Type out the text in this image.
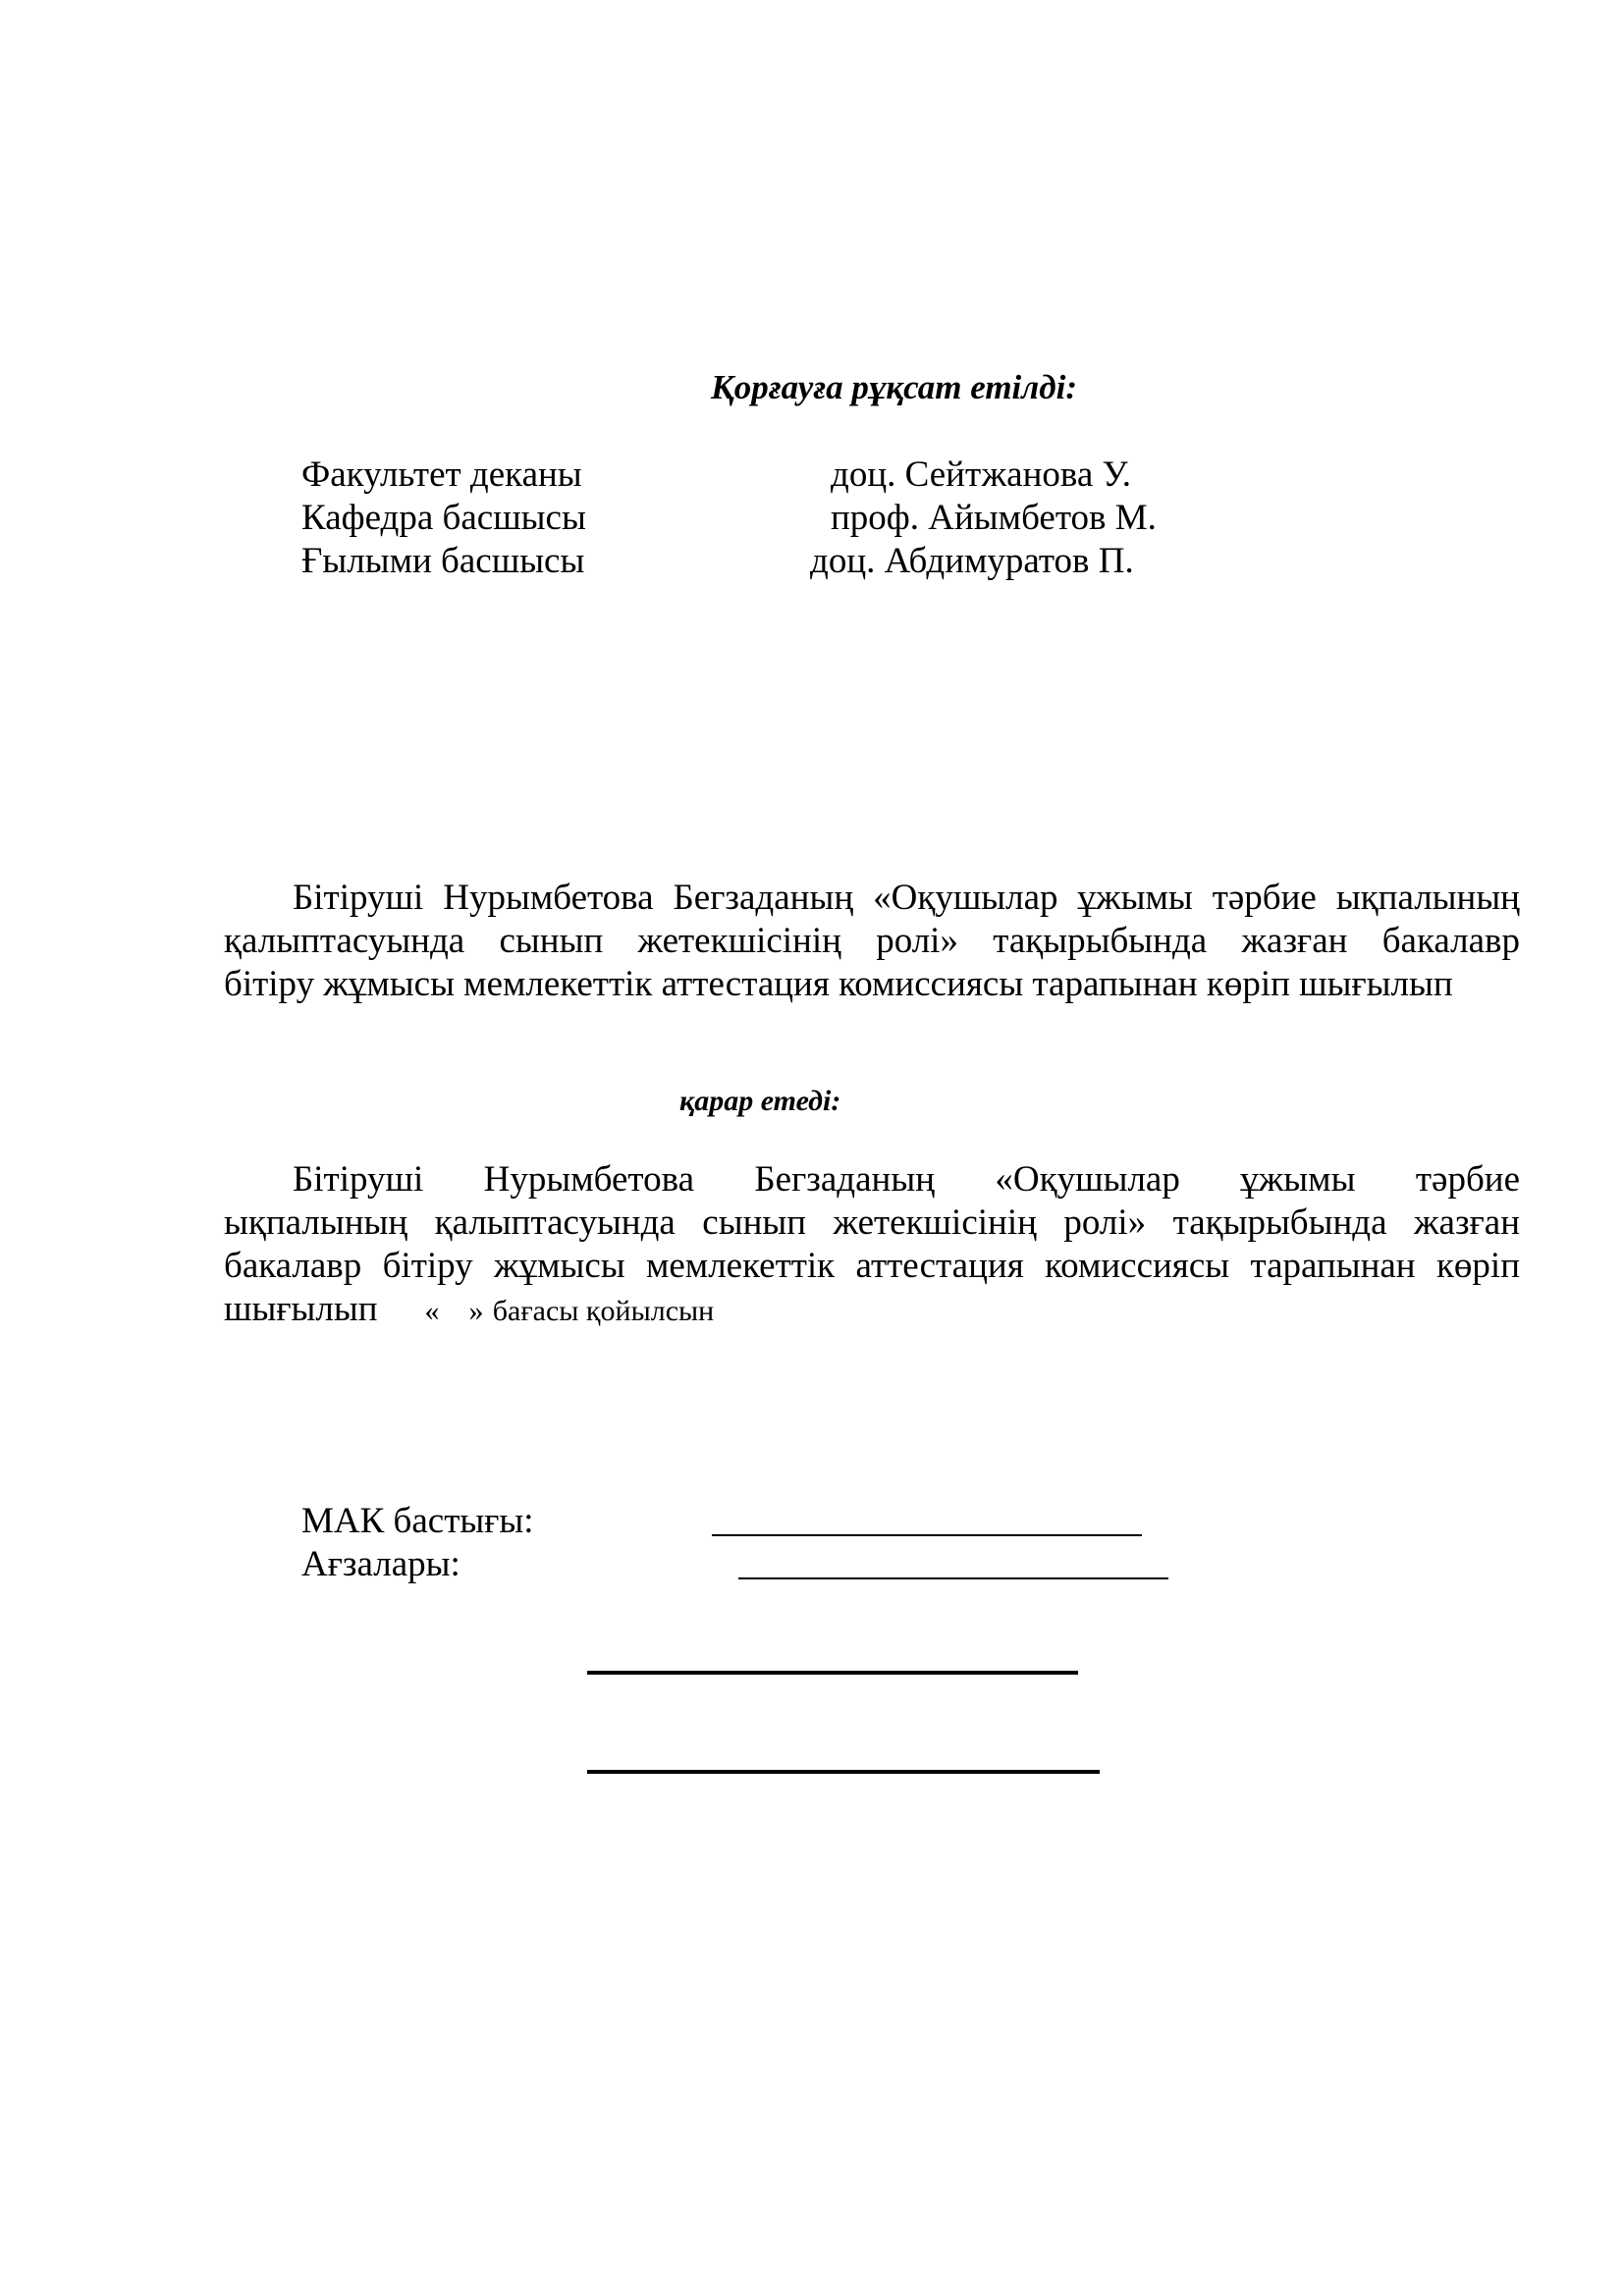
Қорғауға рұқсат етілді:
Факультет деканы	доц. Сейтжанова У.
Кафедра басшысы	проф. Айымбетов М.
Ғылыми басшысы	доц. Абдимуратов П.
Бітіруші Нурымбетова Бегзаданың «Оқушылар ұжымы тәрбие ықпалының
қалыптасуында сынып жетекшісінің ролі» тақырыбында жазған бакалавр
бітіру жұмысы мемлекеттік аттестация комиссиясы тарапынан көріп шығылып
қарар етеді:
Бітіруші Нурымбетова Бегзаданың «Оқушылар ұжымы тәрбие
ықпалының қалыптасуында сынып жетекшісінің ролі» тақырыбында жазған
бакалавр бітіру жұмысы мемлекеттік аттестация комиссиясы тарапынан көріп
шығылып « » бағасы қойылсын
МАК бастығы:
Ағзалары:
